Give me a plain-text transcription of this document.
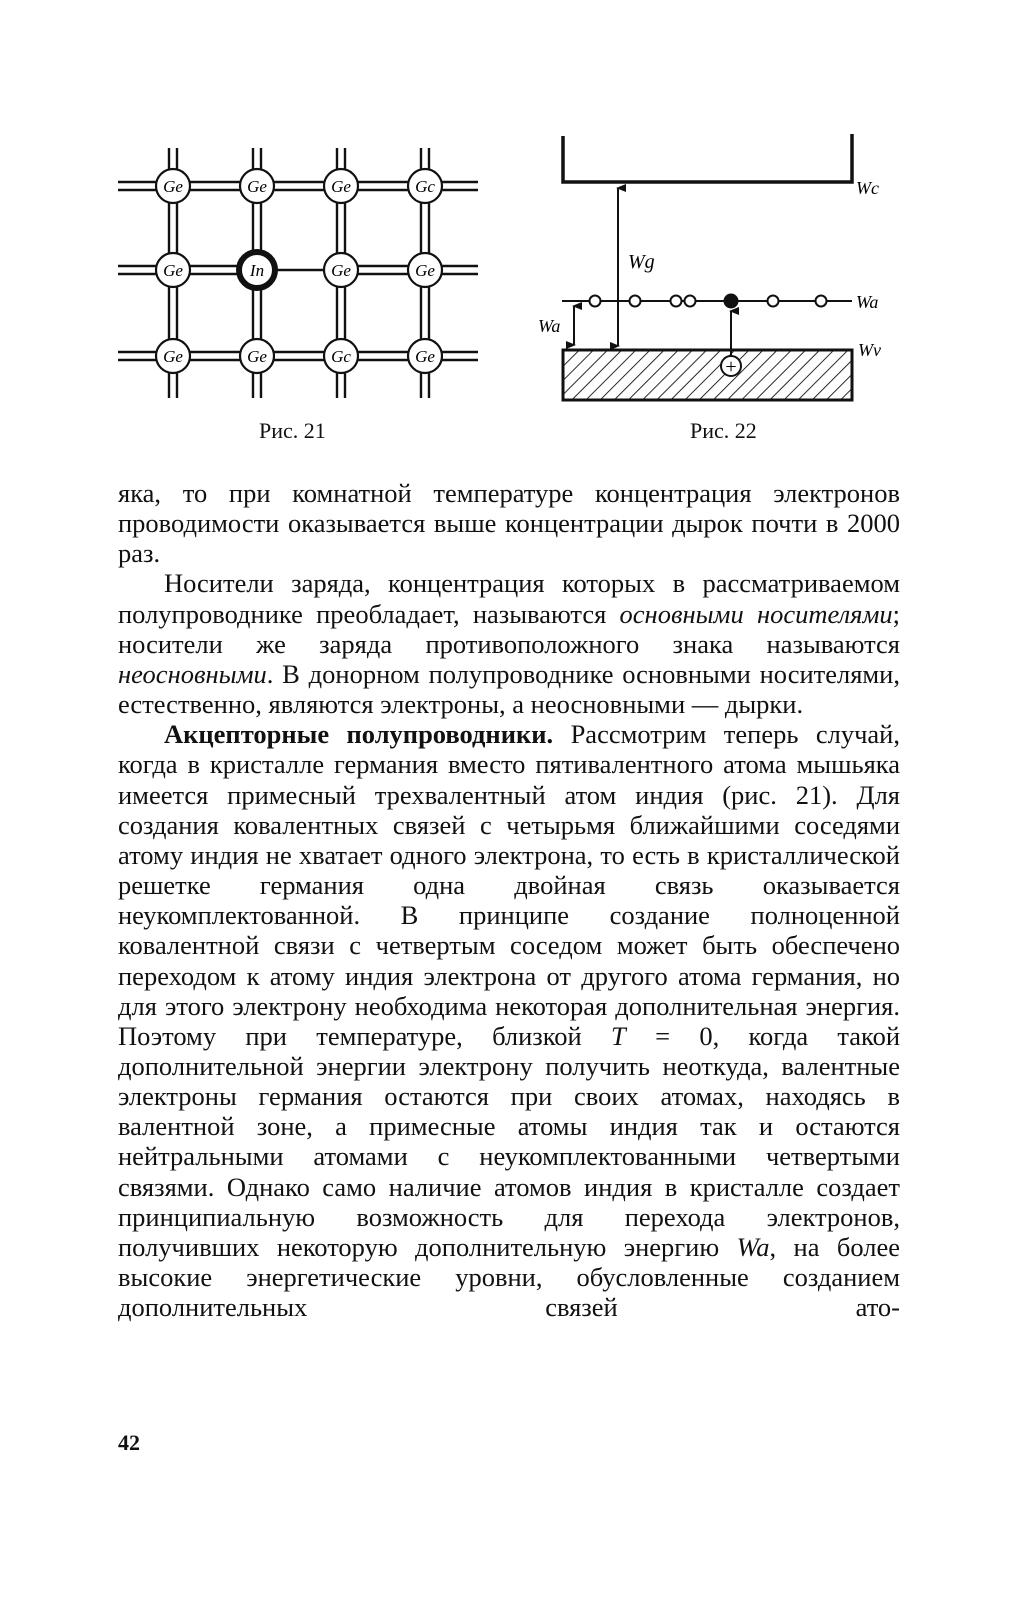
Ge	Ge	Ge	Gc
Ge	In	Ge	Ge
Ge	Ge	Gc	Ge
Рис. 21
Wc
Wv
Wg
Wa
Wa
+
Рис. 22

яка, то при комнатной температуре концентрация электронов проводимости оказывается выше концентрации дырок почти в 2000 раз.

Носители заряда, концентрация которых в рассматриваемом полупроводнике преобладает, называются основными носителями; носители же заряда противоположного знака называются неосновными. В донорном полупроводнике основными носителями, естественно, являются электроны, а неосновными — дырки.

Акцепторные полупроводники. Рассмотрим теперь случай, когда в кристалле германия вместо пятивалентного атома мышьяка имеется примесный трехвалентный атом индия (рис. 21). Для создания ковалентных связей с четырьмя ближайшими соседями атому индия не хватает одного электрона, то есть в кристаллической решетке германия одна двойная связь оказывается неукомплектованной. В принципе создание полноценной ковалентной связи с четвертым соседом может быть обеспечено переходом к атому индия электрона от другого атома германия, но для этого электрону необходима некоторая дополнительная энергия. Поэтому при температуре, близкой T = 0, когда такой дополнительной энергии электрону получить неоткуда, валентные электроны германия остаются при своих атомах, находясь в валентной зоне, а примесные атомы индия так и остаются нейтральными атомами с неукомплектованными четвертыми связями. Однако само наличие атомов индия в кристалле создает принципиальную возможность для перехода электронов, получивших некоторую дополнительную энергию Wa, на более высокие энергетические уровни, обусловленные созданием дополнительных связей ато-

42
